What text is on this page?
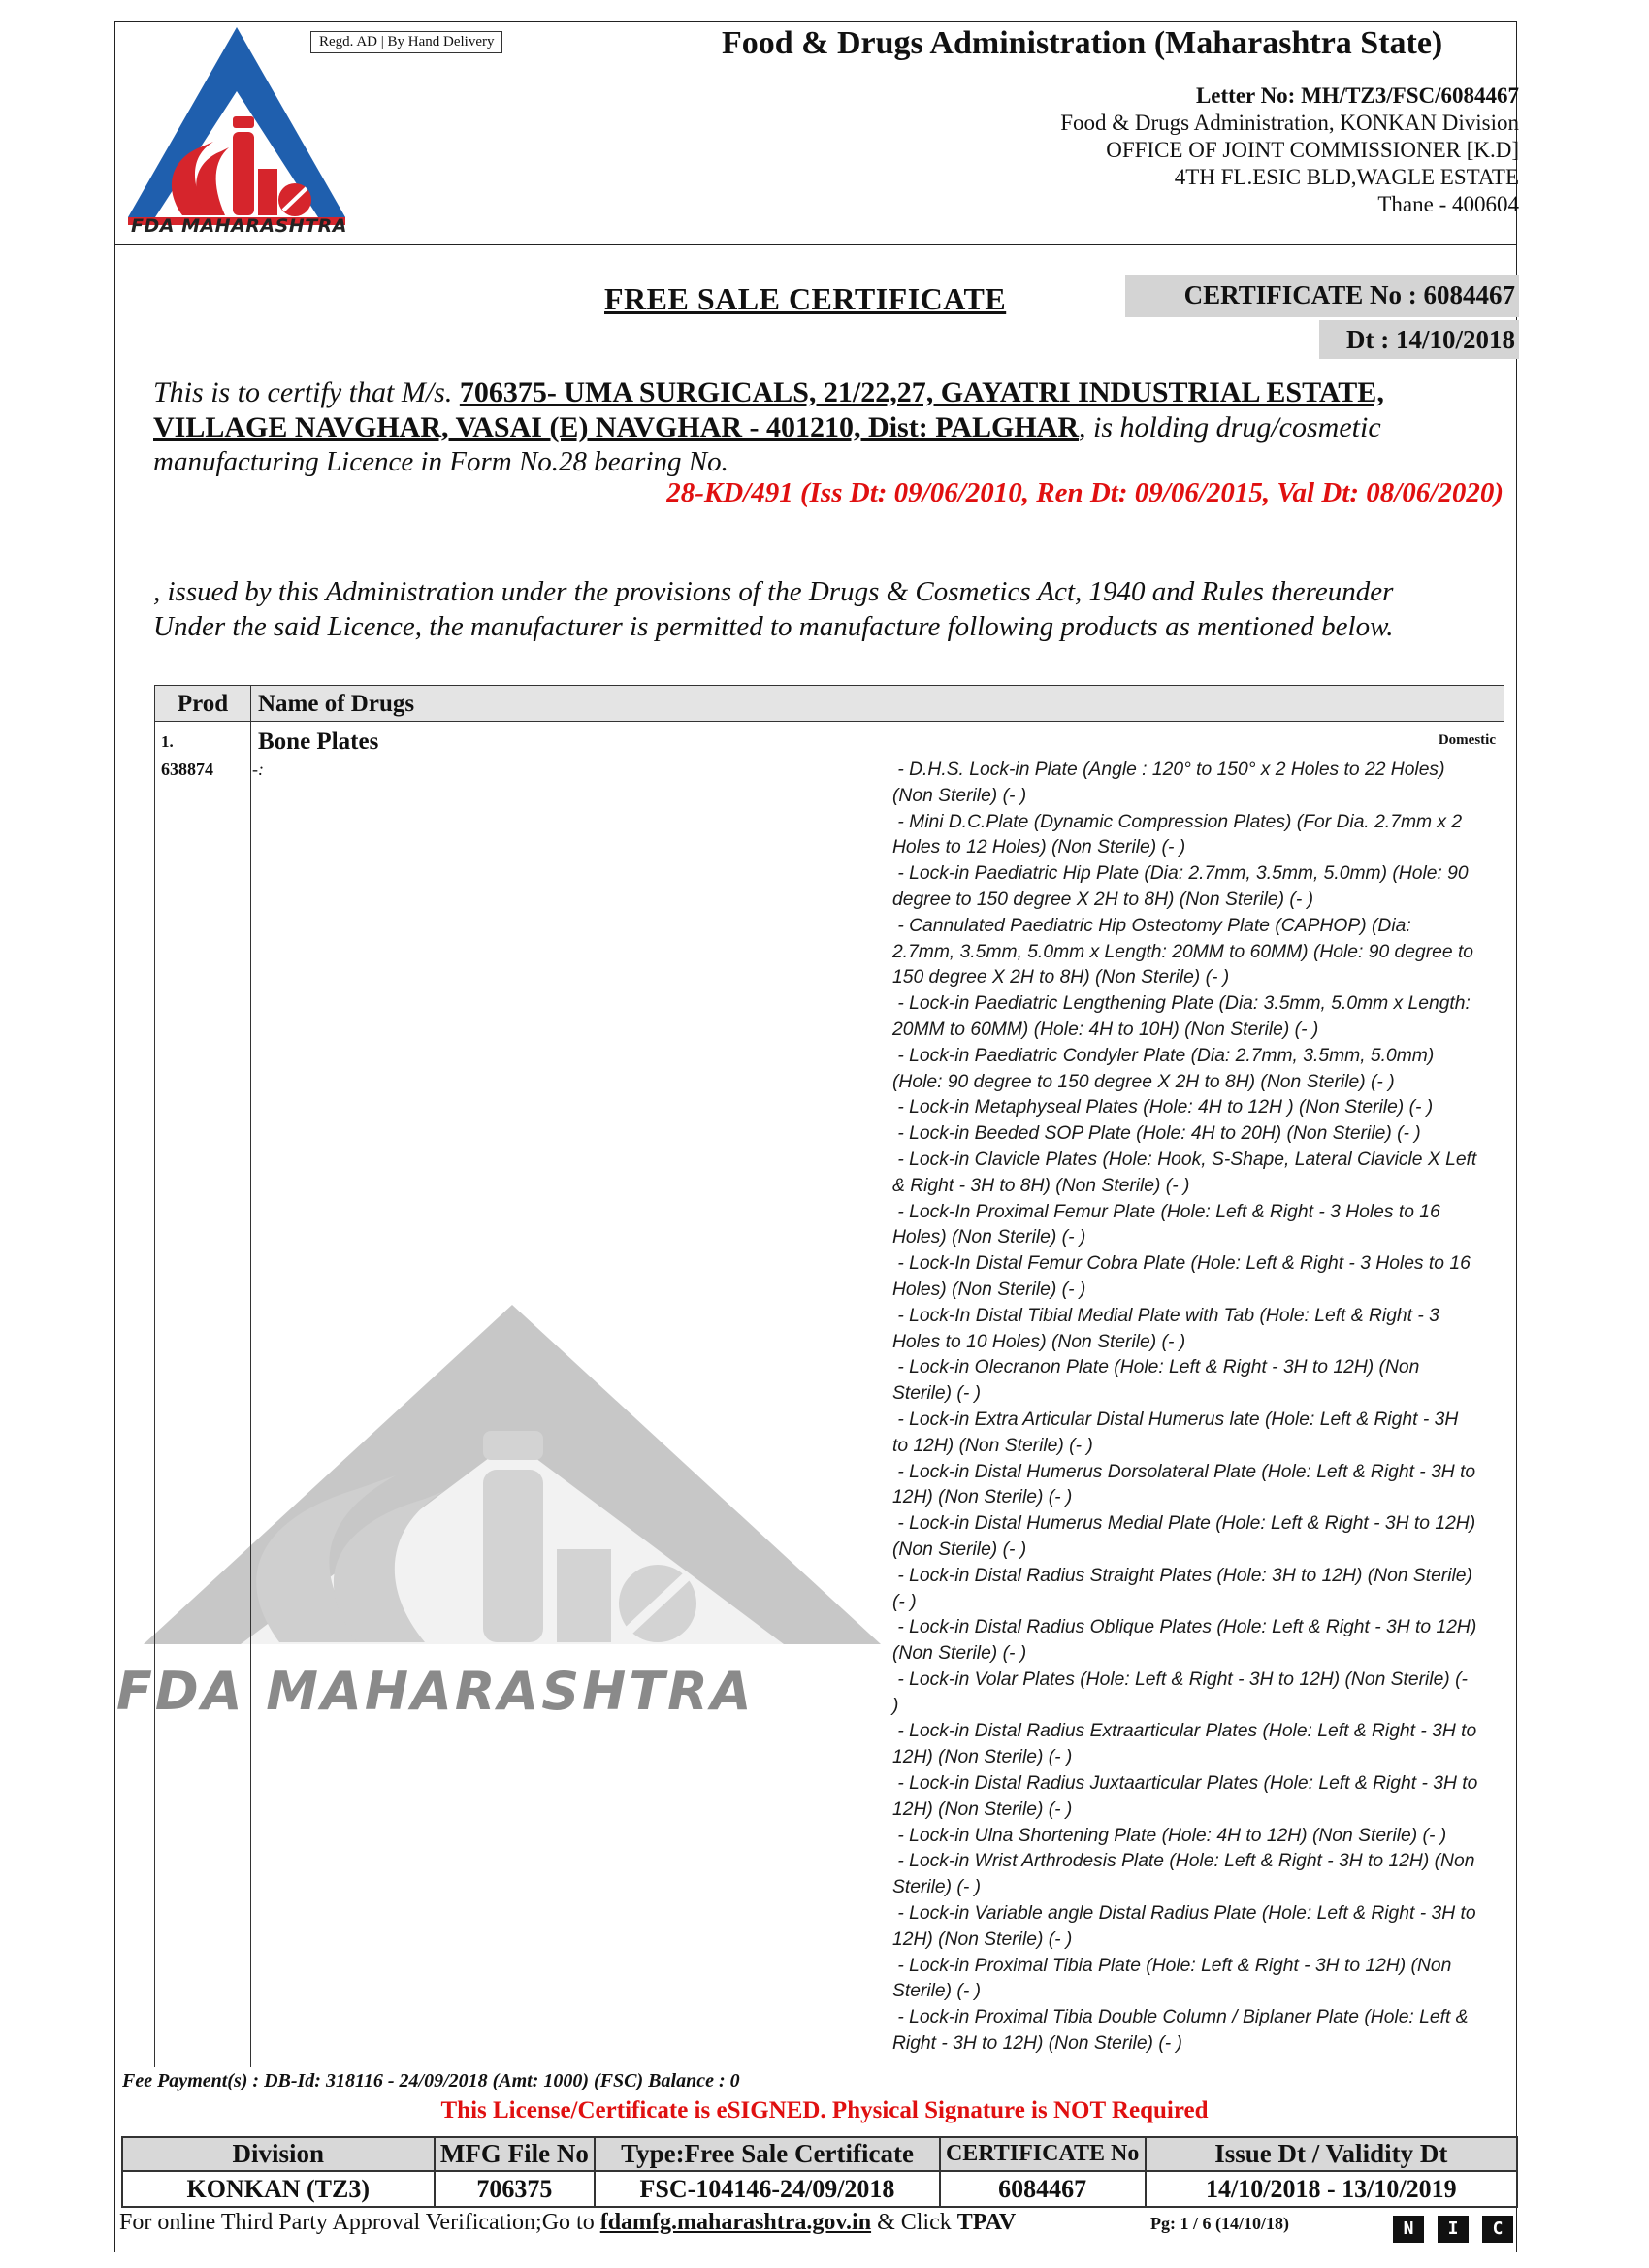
FDA MAHARASHTRA
Regd. AD | By Hand Delivery	Food & Drugs Administration (Maharashtra State)
Letter No: MH/TZ3/FSC/6084467
Food & Drugs Administration, KONKAN Division
OFFICE OF JOINT COMMISSIONER [K.D]
4TH FL.ESIC BLD,WAGLE ESTATE
Thane - 400604
FREE SALE CERTIFICATE	CERTIFICATE No : 6084467
Dt : 14/10/2018
This is to certify that M/s. 706375- UMA SURGICALS, 21/22,27, GAYATRI INDUSTRIAL ESTATE,
VILLAGE NAVGHAR, VASAI (E) NAVGHAR - 401210, Dist: PALGHAR, is holding drug/cosmetic
manufacturing Licence in Form No.28 bearing No.
28-KD/491 (Iss Dt: 09/06/2010, Ren Dt: 09/06/2015, Val Dt: 08/06/2020)
, issued by this Administration under the provisions of the Drugs & Cosmetics Act, 1940 and Rules thereunder
Under the said Licence, the manufacturer is permitted to manufacture following products as mentioned below.
FDA MAHARASHTRA
Prod	Name of Drugs
1.	Bone Plates	Domestic
638874 -:	- D.H.S. Lock-in Plate (Angle : 120° to 150° x 2 Holes to 22 Holes)
(Non Sterile) (- )
- Mini D.C.Plate (Dynamic Compression Plates) (For Dia. 2.7mm x 2
Holes to 12 Holes) (Non Sterile) (- )
- Lock-in Paediatric Hip Plate (Dia: 2.7mm, 3.5mm, 5.0mm) (Hole: 90
degree to 150 degree X 2H to 8H) (Non Sterile) (- )
- Cannulated Paediatric Hip Osteotomy Plate (CAPHOP) (Dia:
2.7mm, 3.5mm, 5.0mm x Length: 20MM to 60MM) (Hole: 90 degree to
150 degree X 2H to 8H) (Non Sterile) (- )
- Lock-in Paediatric Lengthening Plate (Dia: 3.5mm, 5.0mm x Length:
20MM to 60MM) (Hole: 4H to 10H) (Non Sterile) (- )
- Lock-in Paediatric Condyler Plate (Dia: 2.7mm, 3.5mm, 5.0mm)
(Hole: 90 degree to 150 degree X 2H to 8H) (Non Sterile) (- )
- Lock-in Metaphyseal Plates (Hole: 4H to 12H ) (Non Sterile) (- )
- Lock-in Beeded SOP Plate (Hole: 4H to 20H) (Non Sterile) (- )
- Lock-in Clavicle Plates (Hole: Hook, S-Shape, Lateral Clavicle X Left
& Right - 3H to 8H) (Non Sterile) (- )
- Lock-In Proximal Femur Plate (Hole: Left & Right - 3 Holes to 16
Holes) (Non Sterile) (- )
- Lock-In Distal Femur Cobra Plate (Hole: Left & Right - 3 Holes to 16
Holes) (Non Sterile) (- )
- Lock-In Distal Tibial Medial Plate with Tab (Hole: Left & Right - 3
Holes to 10 Holes) (Non Sterile) (- )
- Lock-in Olecranon Plate (Hole: Left & Right - 3H to 12H) (Non
Sterile) (- )
- Lock-in Extra Articular Distal Humerus late (Hole: Left & Right - 3H
to 12H) (Non Sterile) (- )
- Lock-in Distal Humerus Dorsolateral Plate (Hole: Left & Right - 3H to
12H) (Non Sterile) (- )
- Lock-in Distal Humerus Medial Plate (Hole: Left & Right - 3H to 12H)
(Non Sterile) (- )
- Lock-in Distal Radius Straight Plates (Hole: 3H to 12H) (Non Sterile)
(- )
- Lock-in Distal Radius Oblique Plates (Hole: Left & Right - 3H to 12H)
(Non Sterile) (- )
- Lock-in Volar Plates (Hole: Left & Right - 3H to 12H) (Non Sterile) (-
)
- Lock-in Distal Radius Extraarticular Plates (Hole: Left & Right - 3H to
12H) (Non Sterile) (- )
- Lock-in Distal Radius Juxtaarticular Plates (Hole: Left & Right - 3H to
12H) (Non Sterile) (- )
- Lock-in Ulna Shortening Plate (Hole: 4H to 12H) (Non Sterile) (- )
- Lock-in Wrist Arthrodesis Plate (Hole: Left & Right - 3H to 12H) (Non
Sterile) (- )
- Lock-in Variable angle Distal Radius Plate (Hole: Left & Right - 3H to
12H) (Non Sterile) (- )
- Lock-in Proximal Tibia Plate (Hole: Left & Right - 3H to 12H) (Non
Sterile) (- )
- Lock-in Proximal Tibia Double Column / Biplaner Plate (Hole: Left &
Right - 3H to 12H) (Non Sterile) (- )
Fee Payment(s) : DB-Id: 318116 - 24/09/2018 (Amt: 1000) (FSC) Balance : 0
This License/Certificate is eSIGNED. Physical Signature is NOT Required
Division	MFG File No	Type:Free Sale Certificate	CERTIFICATE No	Issue Dt / Validity Dt
KONKAN (TZ3)	706375	FSC-104146-24/09/2018	6084467	14/10/2018 - 13/10/2019
For online Third Party Approval Verification;Go to fdamfg.maharashtra.gov.in & Click TPAV	Pg: 1 / 6 (14/10/18)	N	I	C
